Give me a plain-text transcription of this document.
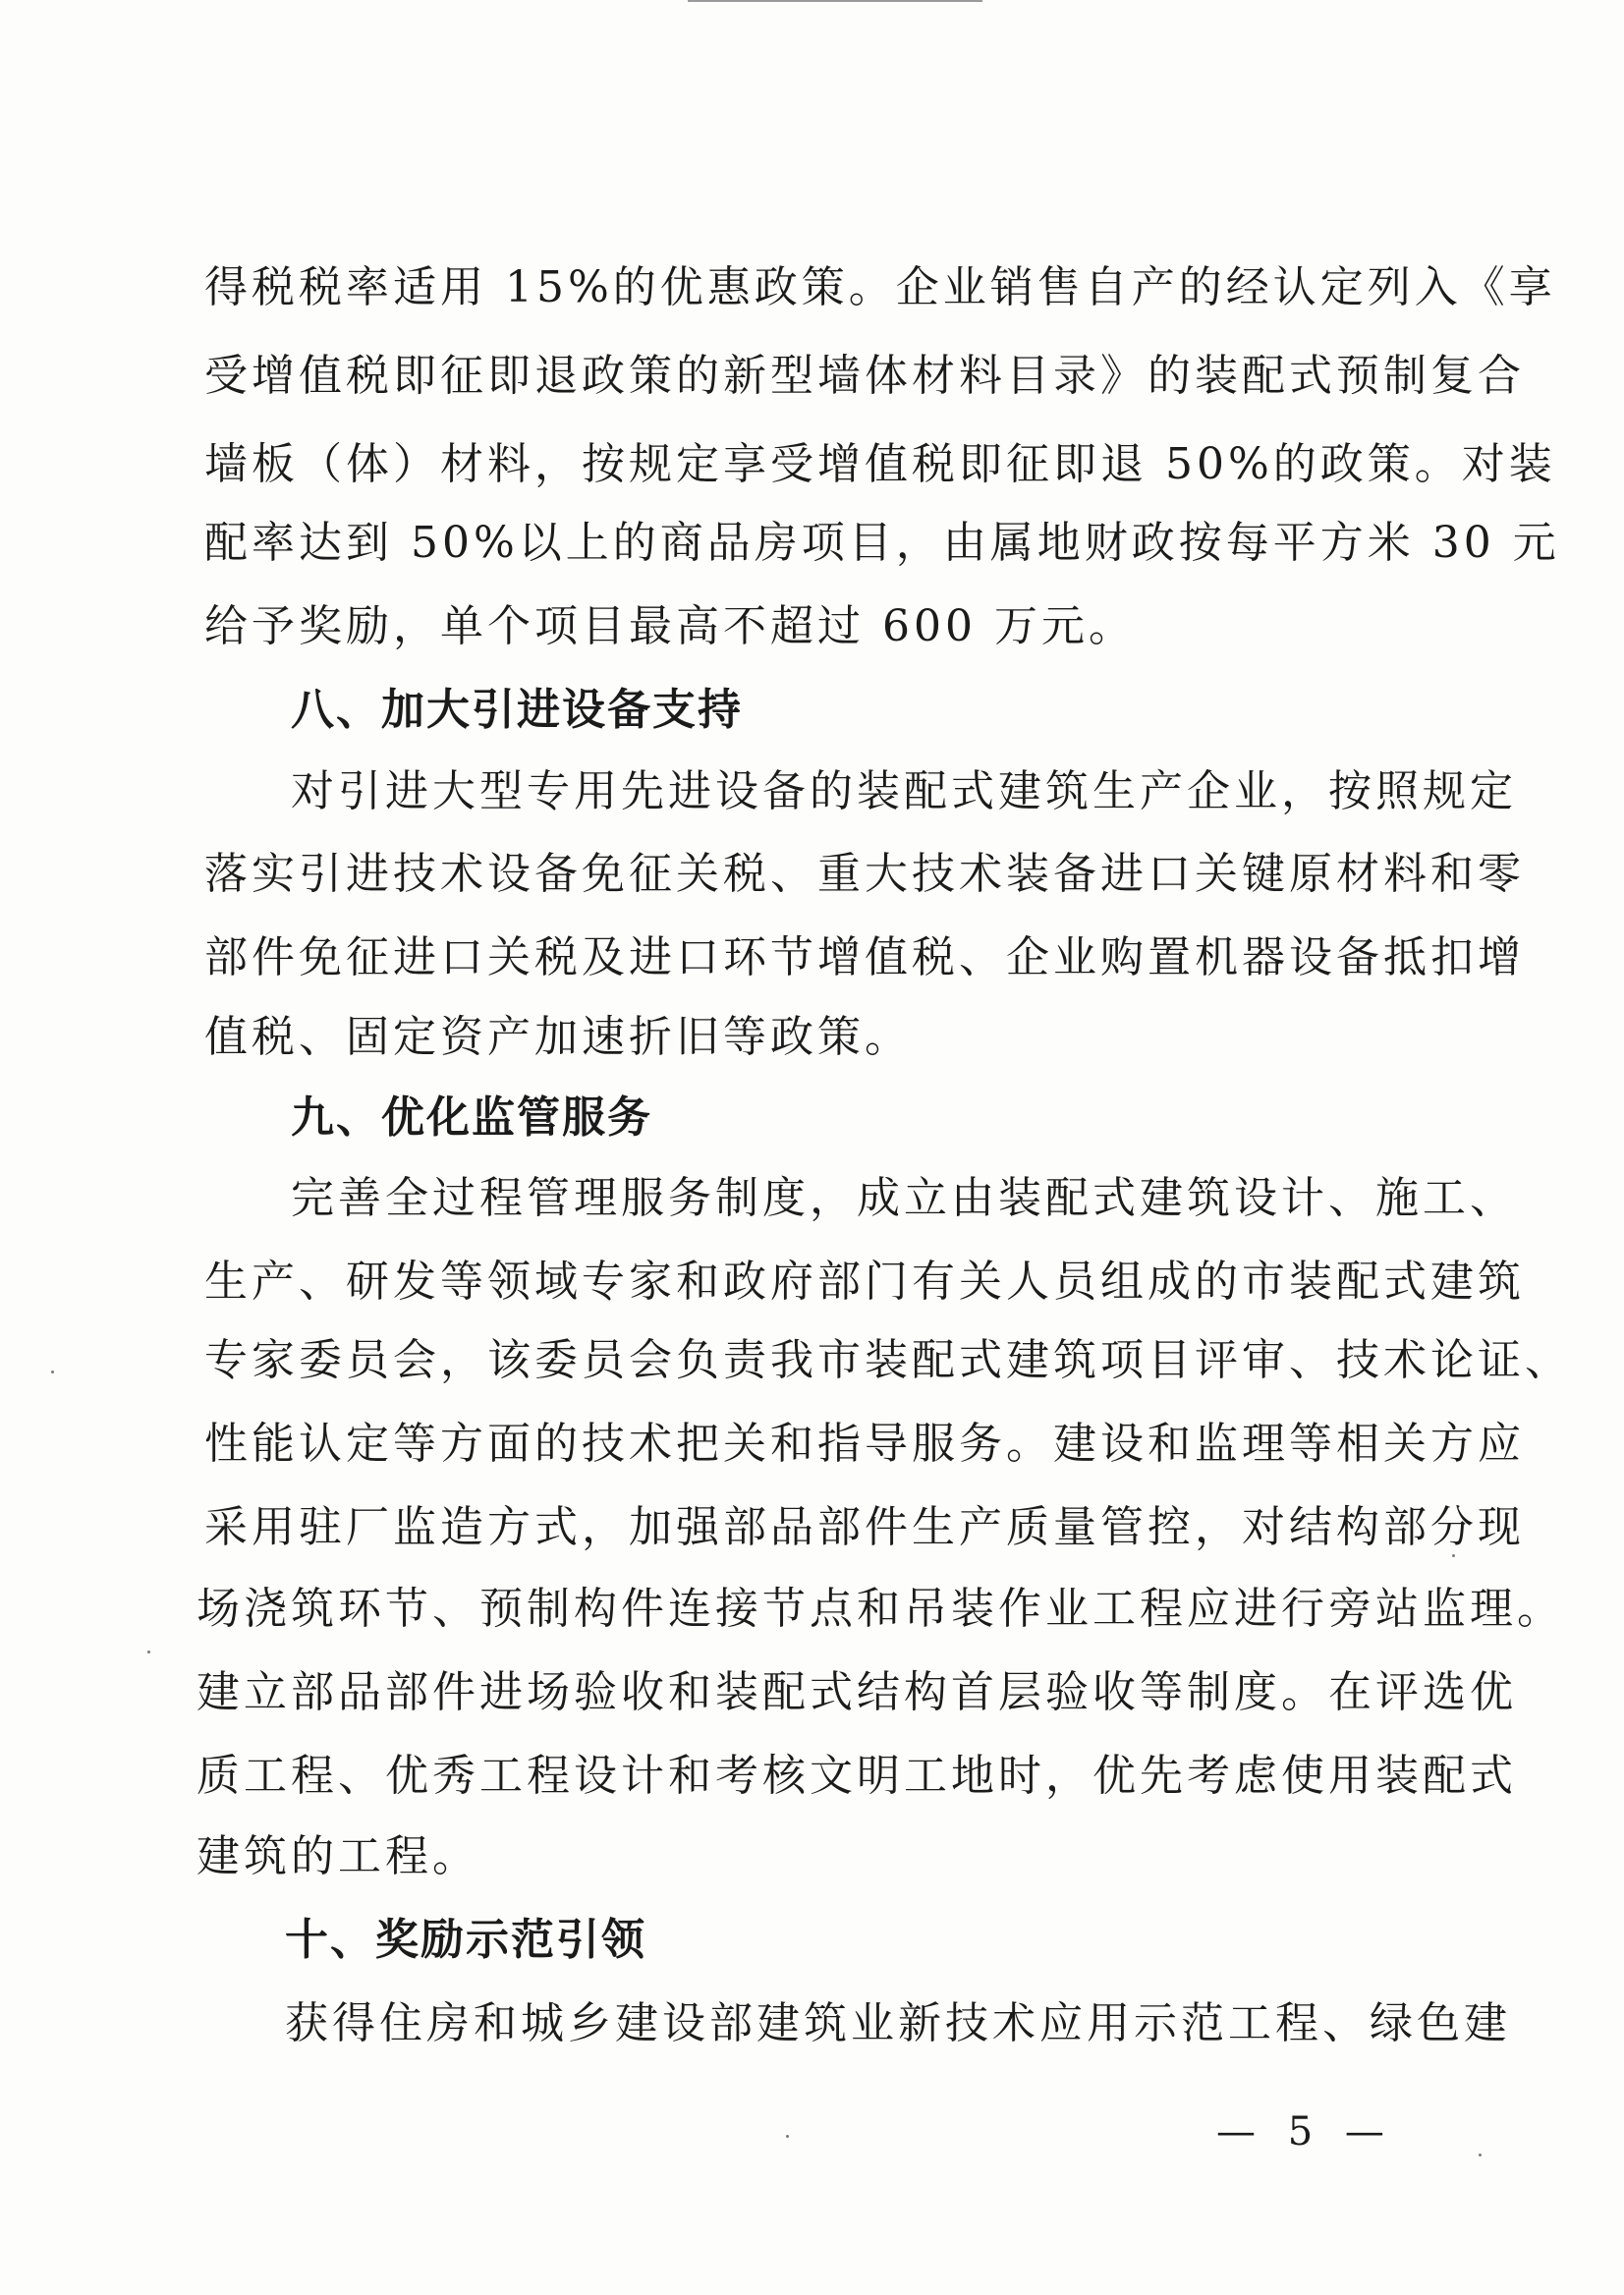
得税税率适用 15%的优惠政策。企业销售自产的经认定列入《享
受增值税即征即退政策的新型墙体材料目录》的装配式预制复合
墙板（体）材料，按规定享受增值税即征即退 50%的政策。对装
配率达到 50%以上的商品房项目，由属地财政按每平方米 30 元
给予奖励，单个项目最高不超过 600 万元。
八、加大引进设备支持
对引进大型专用先进设备的装配式建筑生产企业，按照规定
落实引进技术设备免征关税、重大技术装备进口关键原材料和零
部件免征进口关税及进口环节增值税、企业购置机器设备抵扣增
值税、固定资产加速折旧等政策。
九、优化监管服务
完善全过程管理服务制度，成立由装配式建筑设计、施工、
生产、研发等领域专家和政府部门有关人员组成的市装配式建筑
专家委员会，该委员会负责我市装配式建筑项目评审、技术论证、
性能认定等方面的技术把关和指导服务。建设和监理等相关方应
采用驻厂监造方式，加强部品部件生产质量管控，对结构部分现
场浇筑环节、预制构件连接节点和吊装作业工程应进行旁站监理。
建立部品部件进场验收和装配式结构首层验收等制度。在评选优
质工程、优秀工程设计和考核文明工地时，优先考虑使用装配式
建筑的工程。
十、奖励示范引领
获得住房和城乡建设部建筑业新技术应用示范工程、绿色建
— 5 —
